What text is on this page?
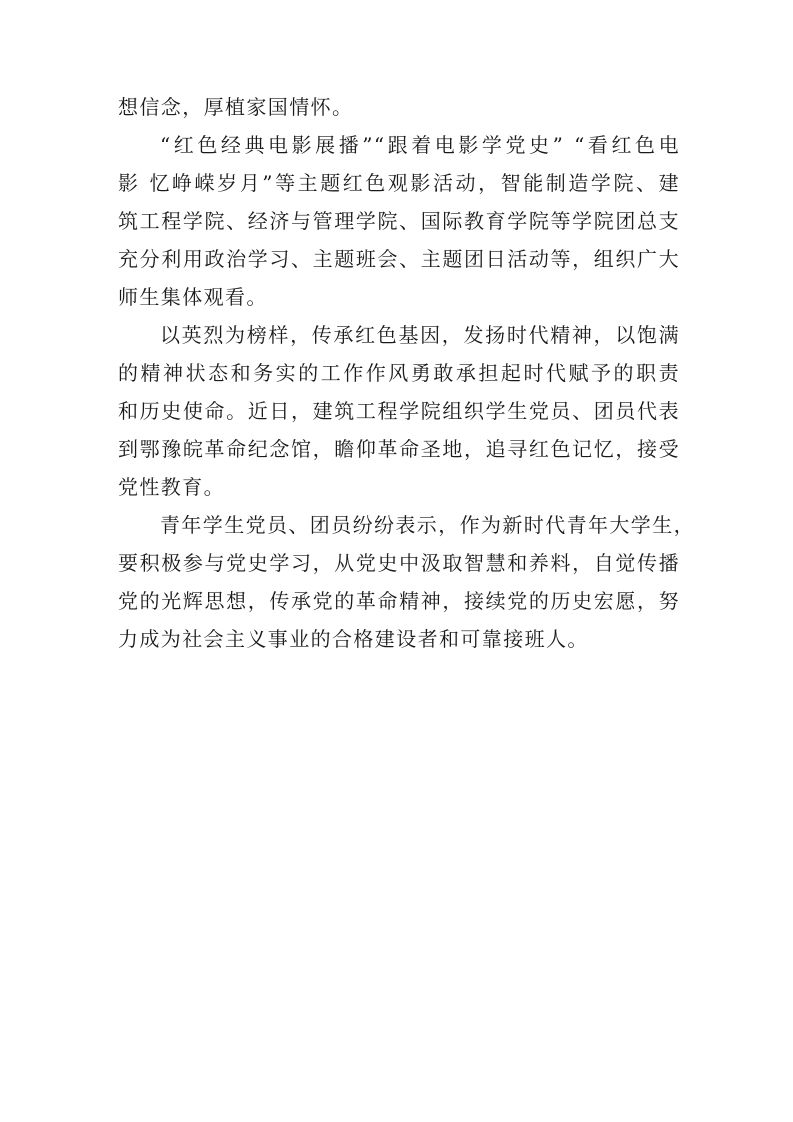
想信念，厚植家国情怀。
“红色经典电影展播”“跟着电影学党史” “看红色电
影 忆峥嵘岁月”等主题红色观影活动，智能制造学院、建
筑工程学院、经济与管理学院、国际教育学院等学院团总支
充分利用政治学习、主题班会、主题团日活动等，组织广大
师生集体观看。
以英烈为榜样，传承红色基因，发扬时代精神，以饱满
的精神状态和务实的工作作风勇敢承担起时代赋予的职责
和历史使命。近日，建筑工程学院组织学生党员、团员代表
到鄂豫皖革命纪念馆，瞻仰革命圣地，追寻红色记忆，接受
党性教育。
青年学生党员、团员纷纷表示，作为新时代青年大学生，
要积极参与党史学习，从党史中汲取智慧和养料，自觉传播
党的光辉思想，传承党的革命精神，接续党的历史宏愿，努
力成为社会主义事业的合格建设者和可靠接班人。
